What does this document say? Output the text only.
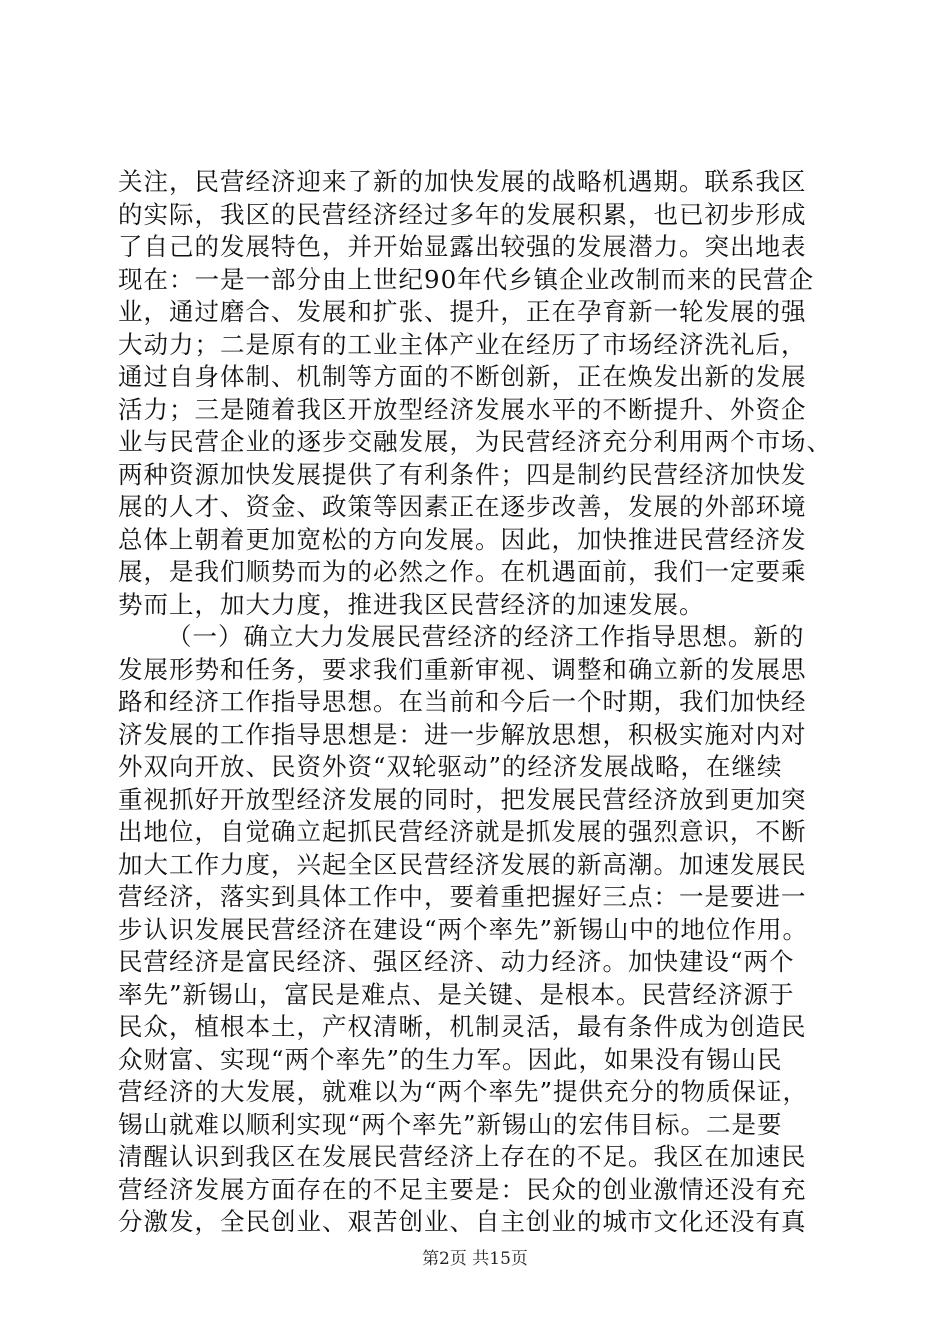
关注，民营经济迎来了新的加快发展的战略机遇期。联系我区
的实际，我区的民营经济经过多年的发展积累，也已初步形成
了自己的发展特色，并开始显露出较强的发展潜力。突出地表
现在：一是一部分由上世纪90年代乡镇企业改制而来的民营企
业，通过磨合、发展和扩张、提升，正在孕育新一轮发展的强
大动力；二是原有的工业主体产业在经历了市场经济洗礼后，
通过自身体制、机制等方面的不断创新，正在焕发出新的发展
活力；三是随着我区开放型经济发展水平的不断提升、外资企
业与民营企业的逐步交融发展，为民营经济充分利用两个市场、
两种资源加快发展提供了有利条件；四是制约民营经济加快发
展的人才、资金、政策等因素正在逐步改善，发展的外部环境
总体上朝着更加宽松的方向发展。因此，加快推进民营经济发
展，是我们顺势而为的必然之作。在机遇面前，我们一定要乘
势而上，加大力度，推进我区民营经济的加速发展。
（一）确立大力发展民营经济的经济工作指导思想。新的
发展形势和任务，要求我们重新审视、调整和确立新的发展思
路和经济工作指导思想。在当前和今后一个时期，我们加快经
济发展的工作指导思想是：进一步解放思想，积极实施对内对
外双向开放、民资外资“双轮驱动”的经济发展战略，在继续
重视抓好开放型经济发展的同时，把发展民营经济放到更加突
出地位，自觉确立起抓民营经济就是抓发展的强烈意识，不断
加大工作力度，兴起全区民营经济发展的新高潮。加速发展民
营经济，落实到具体工作中，要着重把握好三点：一是要进一
步认识发展民营经济在建设“两个率先”新锡山中的地位作用。
民营经济是富民经济、强区经济、动力经济。加快建设“两个
率先”新锡山，富民是难点、是关键、是根本。民营经济源于
民众，植根本土，产权清晰，机制灵活，最有条件成为创造民
众财富、实现“两个率先”的生力军。因此，如果没有锡山民
营经济的大发展，就难以为“两个率先”提供充分的物质保证，
锡山就难以顺利实现“两个率先”新锡山的宏伟目标。二是要
清醒认识到我区在发展民营经济上存在的不足。我区在加速民
营经济发展方面存在的不足主要是：民众的创业激情还没有充
分激发，全民创业、艰苦创业、自主创业的城市文化还没有真
第2页 共15页
